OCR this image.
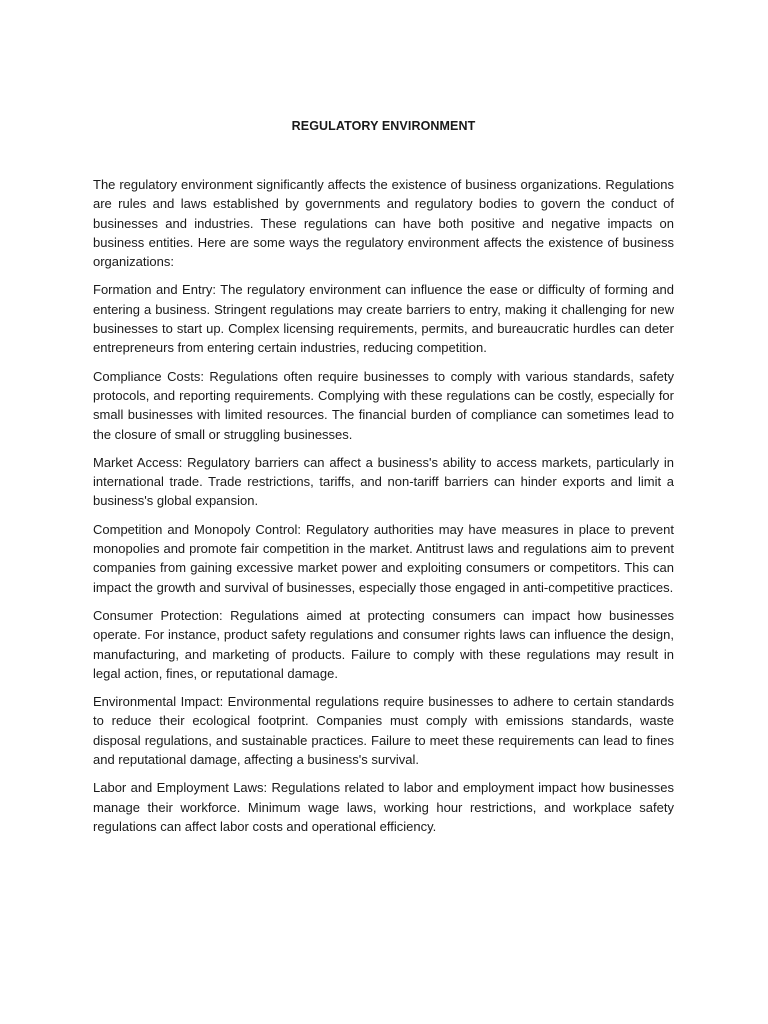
REGULATORY ENVIRONMENT

The regulatory environment significantly affects the existence of business organizations. Regulations are rules and laws established by governments and regulatory bodies to govern the conduct of businesses and industries. These regulations can have both positive and negative impacts on business entities. Here are some ways the regulatory environment affects the existence of business organizations:

Formation and Entry: The regulatory environment can influence the ease or difficulty of forming and entering a business. Stringent regulations may create barriers to entry, making it challenging for new businesses to start up. Complex licensing requirements, permits, and bureaucratic hurdles can deter entrepreneurs from entering certain industries, reducing competition.

Compliance Costs: Regulations often require businesses to comply with various standards, safety protocols, and reporting requirements. Complying with these regulations can be costly, especially for small businesses with limited resources. The financial burden of compliance can sometimes lead to the closure of small or struggling businesses.

Market Access: Regulatory barriers can affect a business's ability to access markets, particularly in international trade. Trade restrictions, tariffs, and non-tariff barriers can hinder exports and limit a business's global expansion.

Competition and Monopoly Control: Regulatory authorities may have measures in place to prevent monopolies and promote fair competition in the market. Antitrust laws and regulations aim to prevent companies from gaining excessive market power and exploiting consumers or competitors. This can impact the growth and survival of businesses, especially those engaged in anti-competitive practices.

Consumer Protection: Regulations aimed at protecting consumers can impact how businesses operate. For instance, product safety regulations and consumer rights laws can influence the design, manufacturing, and marketing of products. Failure to comply with these regulations may result in legal action, fines, or reputational damage.

Environmental Impact: Environmental regulations require businesses to adhere to certain standards to reduce their ecological footprint. Companies must comply with emissions standards, waste disposal regulations, and sustainable practices. Failure to meet these requirements can lead to fines and reputational damage, affecting a business's survival.

Labor and Employment Laws: Regulations related to labor and employment impact how businesses manage their workforce. Minimum wage laws, working hour restrictions, and workplace safety regulations can affect labor costs and operational efficiency.
